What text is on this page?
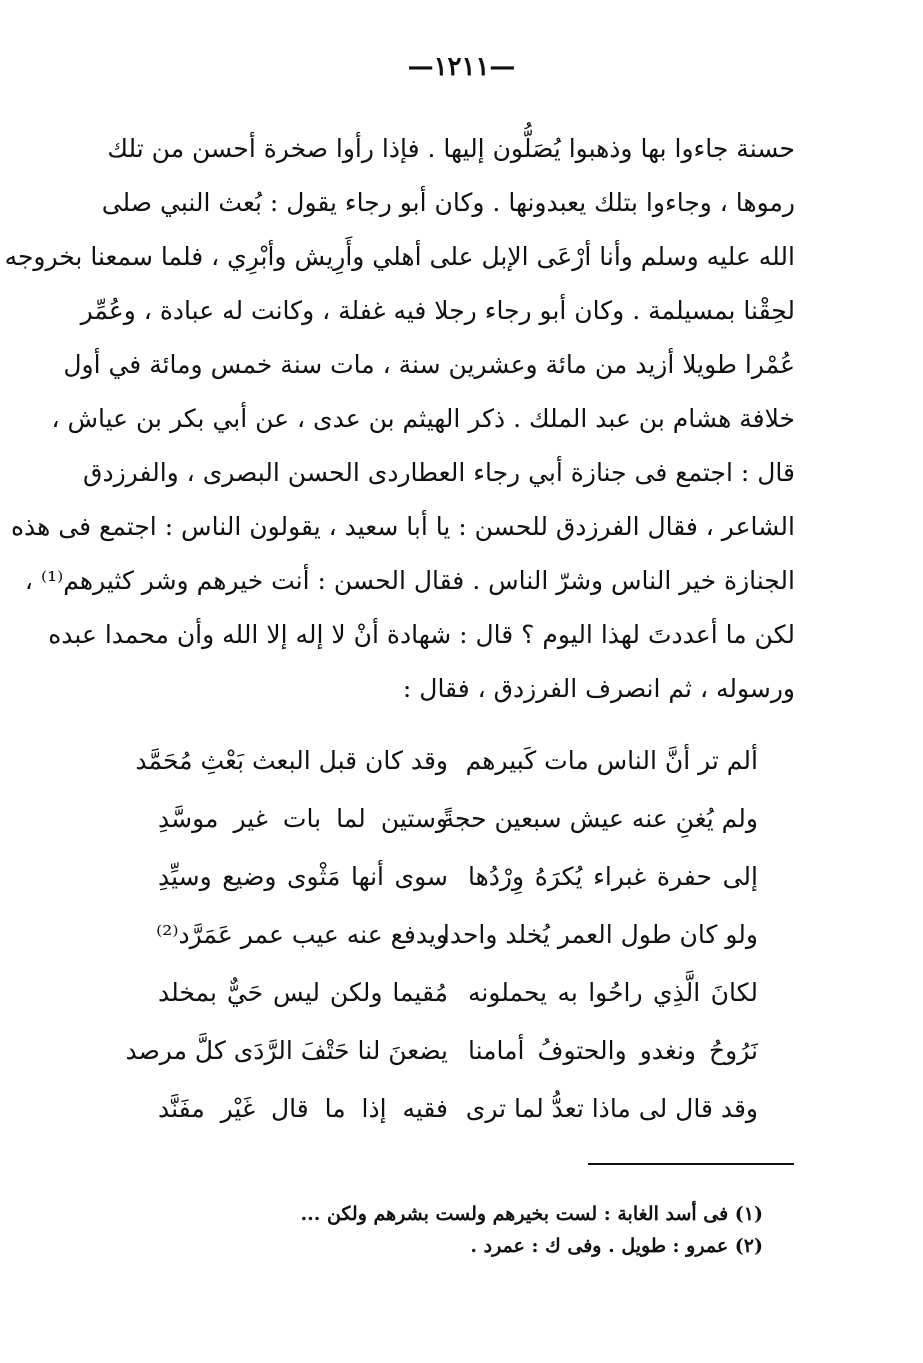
—١٢١١—
حسنة جاءوا بها وذهبوا يُصَلُّون إليها . فإذا رأوا صخرة أحسن من تلك
رموها ، وجاءوا بتلك يعبدونها . وكان أبو رجاء يقول : بُعث النبي صلى
الله عليه وسلم وأنا أرْعَى الإبل على أهلي وأَرِيش وأبْرِي ، فلما سمعنا بخروجه
لحِقْنا بمسيلمة . وكان أبو رجاء رجلا فيه غفلة ، وكانت له عبادة ، وعُمِّر
عُمْرا طويلا أزيد من مائة وعشرين سنة ، مات سنة خمس ومائة في أول
خلافة هشام بن عبد الملك . ذكر الهيثم بن عدى ، عن أبي بكر بن عياش ،
قال : اجتمع فى جنازة أبي رجاء العطاردى الحسن البصرى ، والفرزدق
الشاعر ، فقال الفرزدق للحسن : يا أبا سعيد ، يقولون الناس : اجتمع فى هذه
الجنازة خير الناس وشرّ الناس . فقال الحسن : أنت خيرهم وشر كثيرهم⁽¹⁾ ،
لكن ما أعددتَ لهذا اليوم ؟ قال : شهادة أنْ لا إله إلا الله وأن محمدا عبده
ورسوله ، ثم انصرف الفرزدق ، فقال :
ألم تر أنَّ الناس مات كَبيرهم
وقد كان قبل البعث بَعْثِ مُحَمَّد
ولم يُغنِ عنه عيش سبعين حجةً
وستين لما بات غير موسَّدِ
إلى حفرة غبراء يُكرَهُ وِرْدُها
سوى أنها مَثْوى وضيع وسيِّدِ
ولو كان طول العمر يُخلد واحدا
ويدفع عنه عيب عمر عَمَرَّد⁽²⁾
لكانَ الَّذِي راحُوا به يحملونه
مُقيما ولكن ليس حَيٌّ بمخلد
نَرُوحُ ونغدو والحتوفُ أمامنا
يضعنَ لنا حَتْفَ الرَّدَى كلَّ مرصد
وقد قال لى ماذا تعدُّ لما ترى
فقيه إذا ما قال غَيْر مفَنَّد
(١) فى أسد الغابة : لست بخيرهم ولست بشرهم ولكن ...
(٢) عمرو : طويل . وفى ك : عمرد .
